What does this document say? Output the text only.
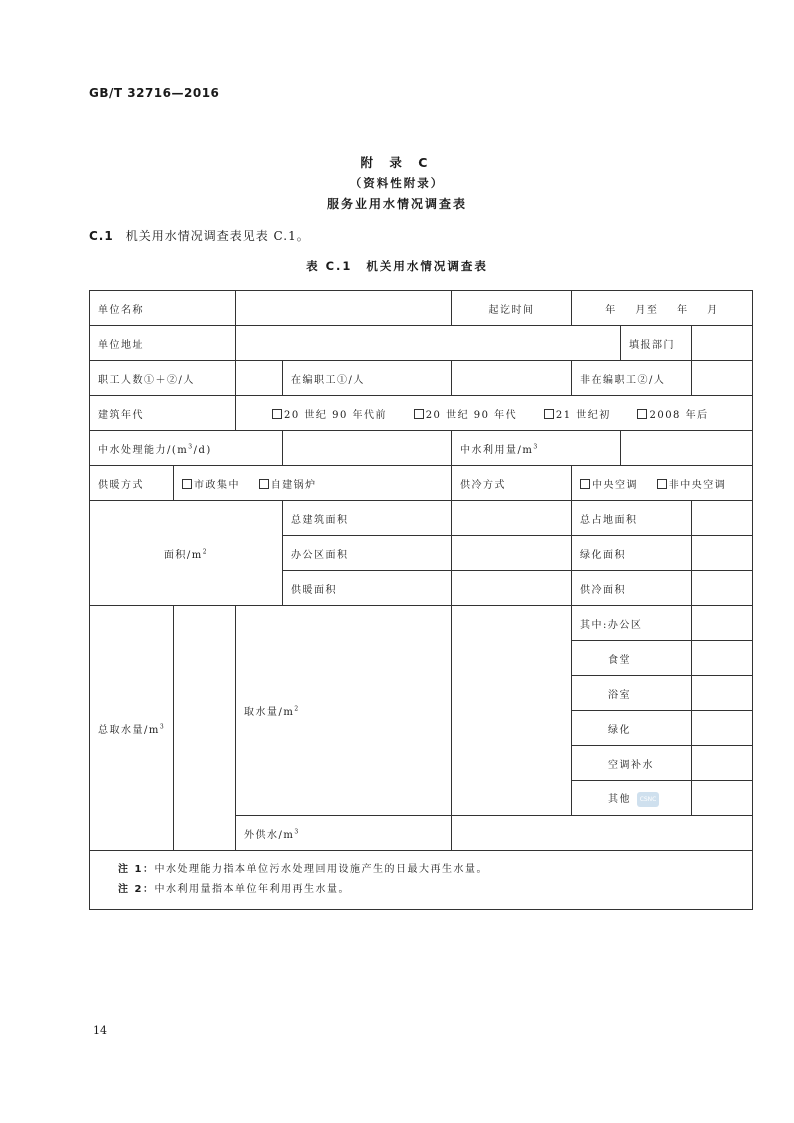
GB/T 32716—2016
附 录 C
（资料性附录）
服务业用水情况调查表
C.1 机关用水情况调查表见表 C.1。
表 C.1 机关用水情况调查表
单位名称				起讫时间	年 月至 年 月		
单位地址						填报部门	
职工人数①＋②/人			在编职工①/人		非在编职工②/人		
建筑年代		20 世纪 90 年代前 20 世纪 90 年代 21 世纪初 2008 年后					
中水处理能力$/(m^3/d)$				中水利用量$/m^3$	
供暖方式	市政集中 自建锅炉			供冷方式	中央空调 非中央空调		
面积$/m^2$			总建筑面积		总占地面积		
			办公区面积		绿化面积		
			供暖面积		供冷面积		
总取水量$/m^3$		取水量$/m^2$			其中:办公区		
					食堂		
					浴室		
					绿化		
					空调补水		
					其他 CSNC		
		外供水$/m^3$	

注 1：中水处理能力指本单位污水处理回用设施产生的日最大再生水量。
注 2：中水利用量指本单位年利用再生水量。							
14
